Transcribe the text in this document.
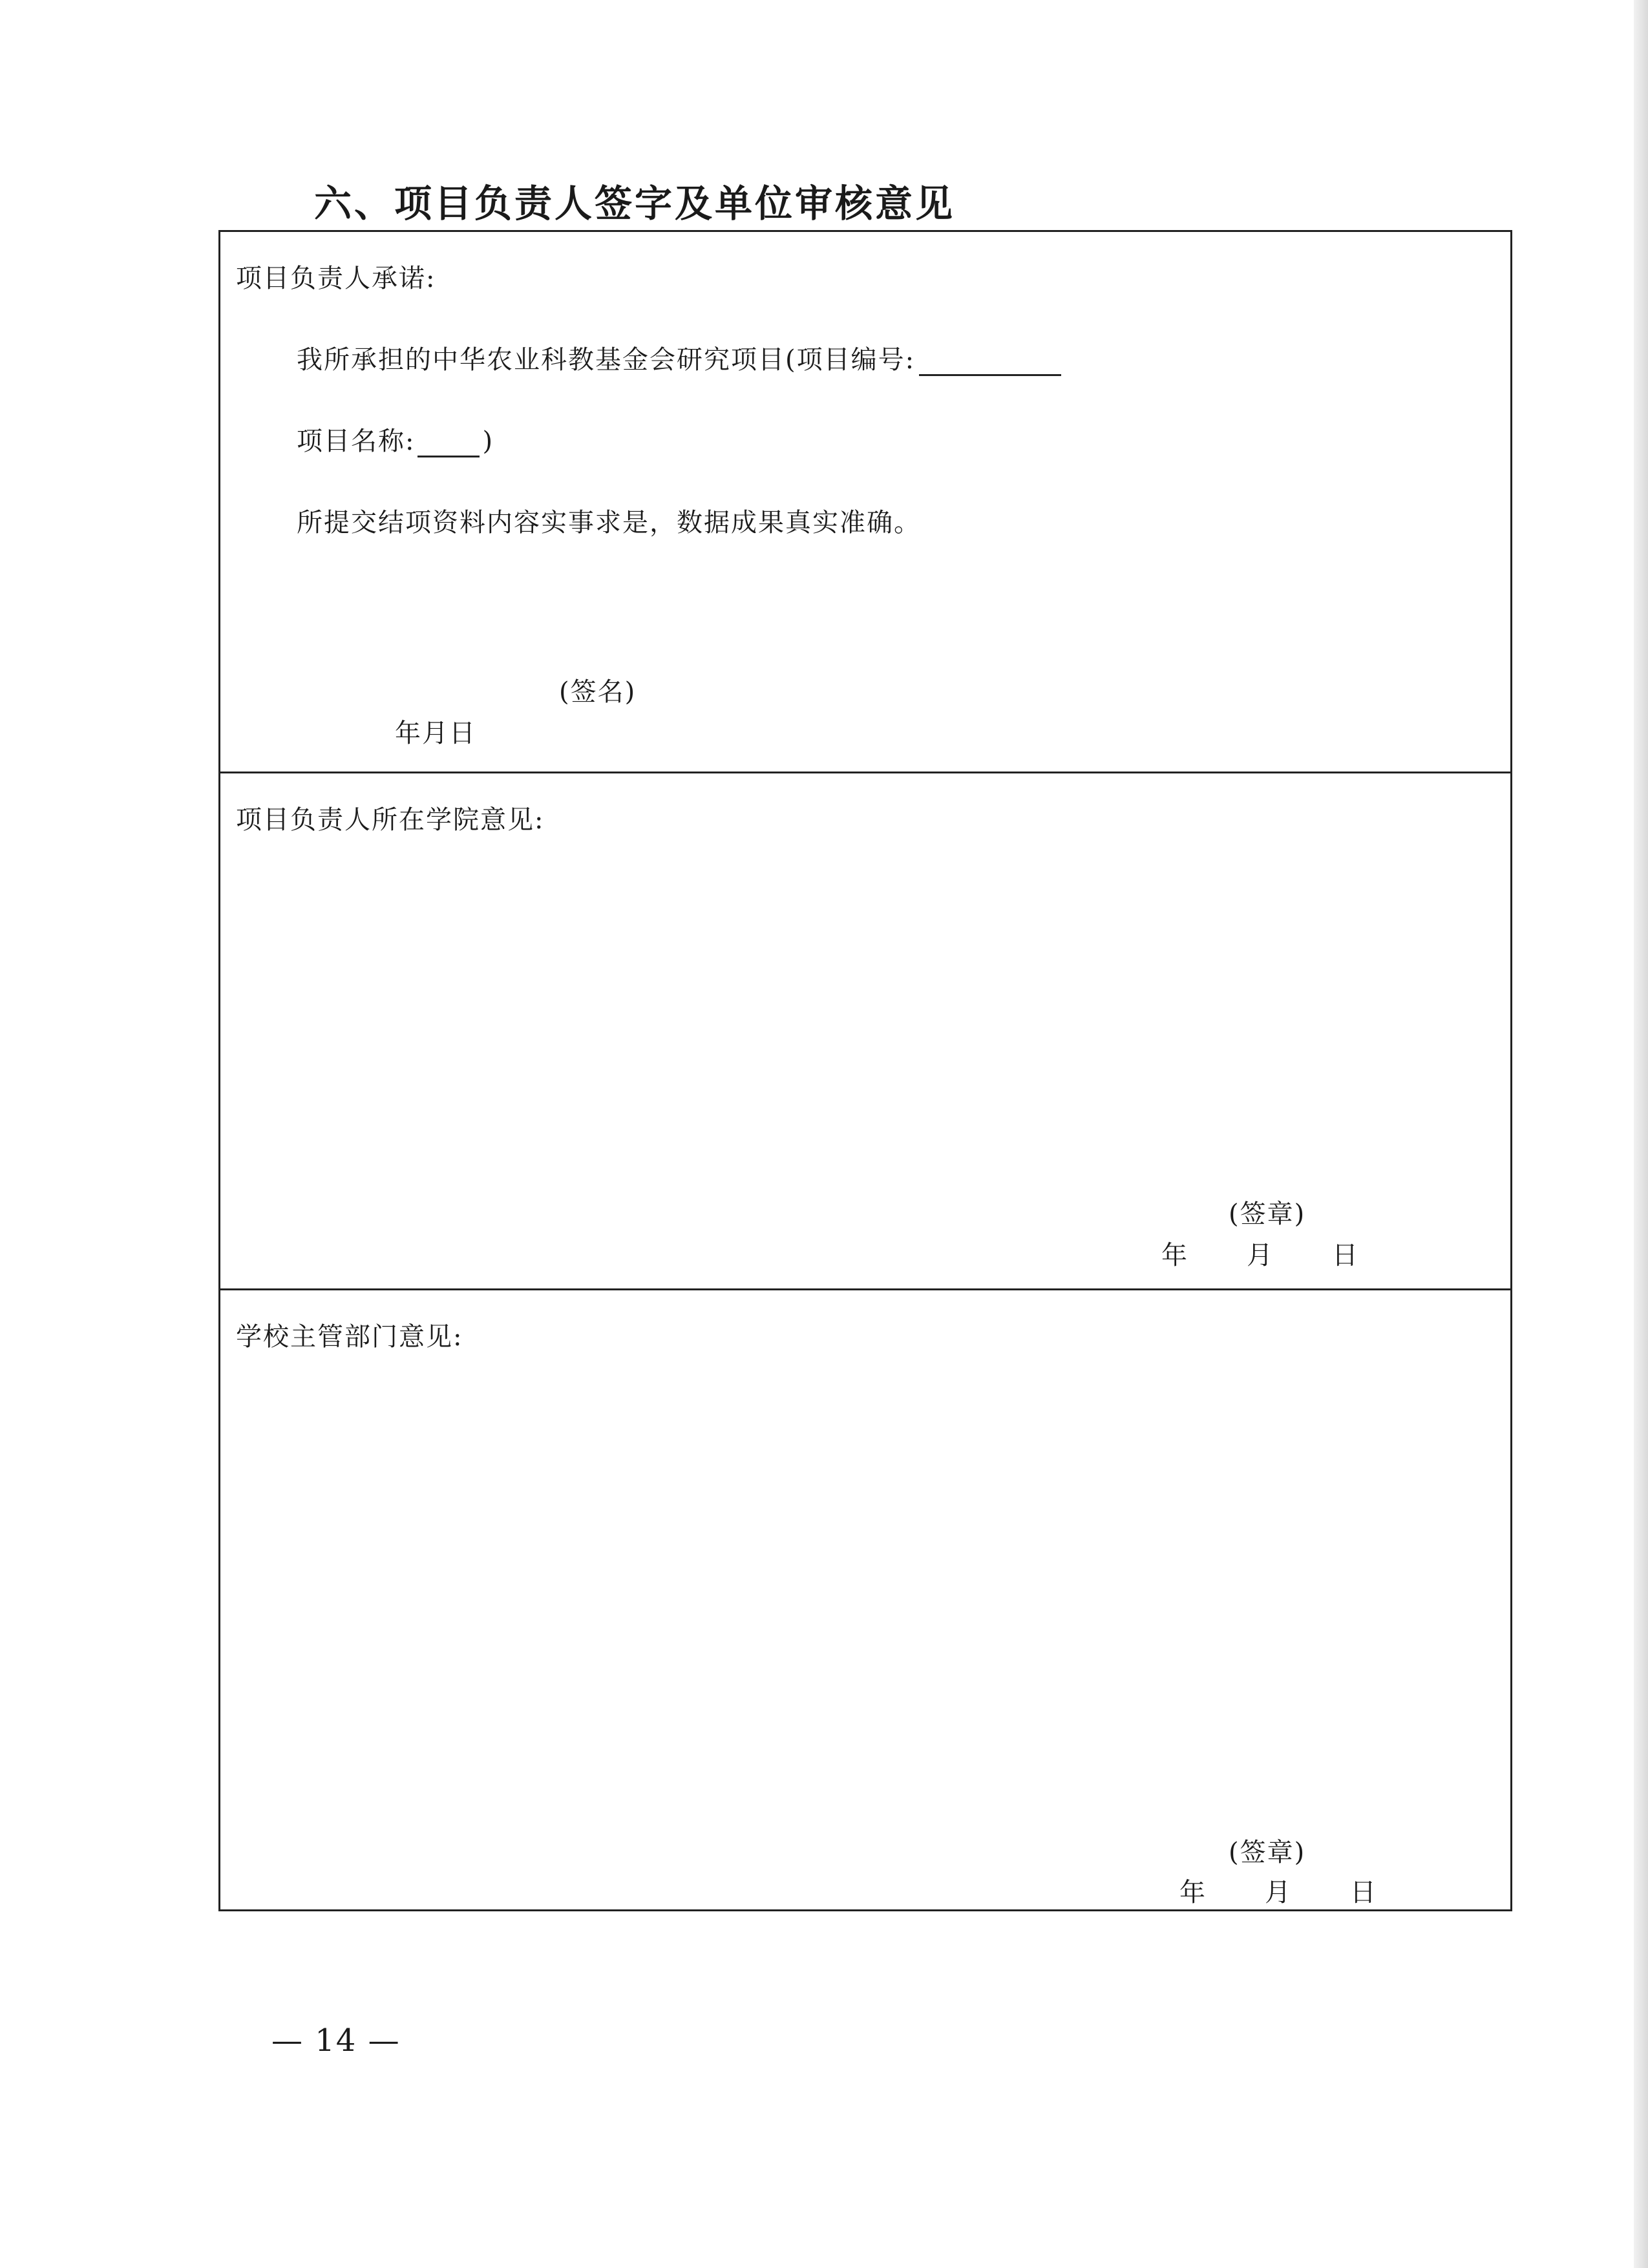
六、项目负责人签字及单位审核意见
项目负责人承诺:
我所承担的中华农业科教基金会研究项目(项目编号:
项目名称:	)
所提交结项资料内容实事求是，数据成果真实准确。
(签名)
年月日
项目负责人所在学院意见:
(签章)
年 月 日
学校主管部门意见:
(签章)
年 月 日
— 14 —
